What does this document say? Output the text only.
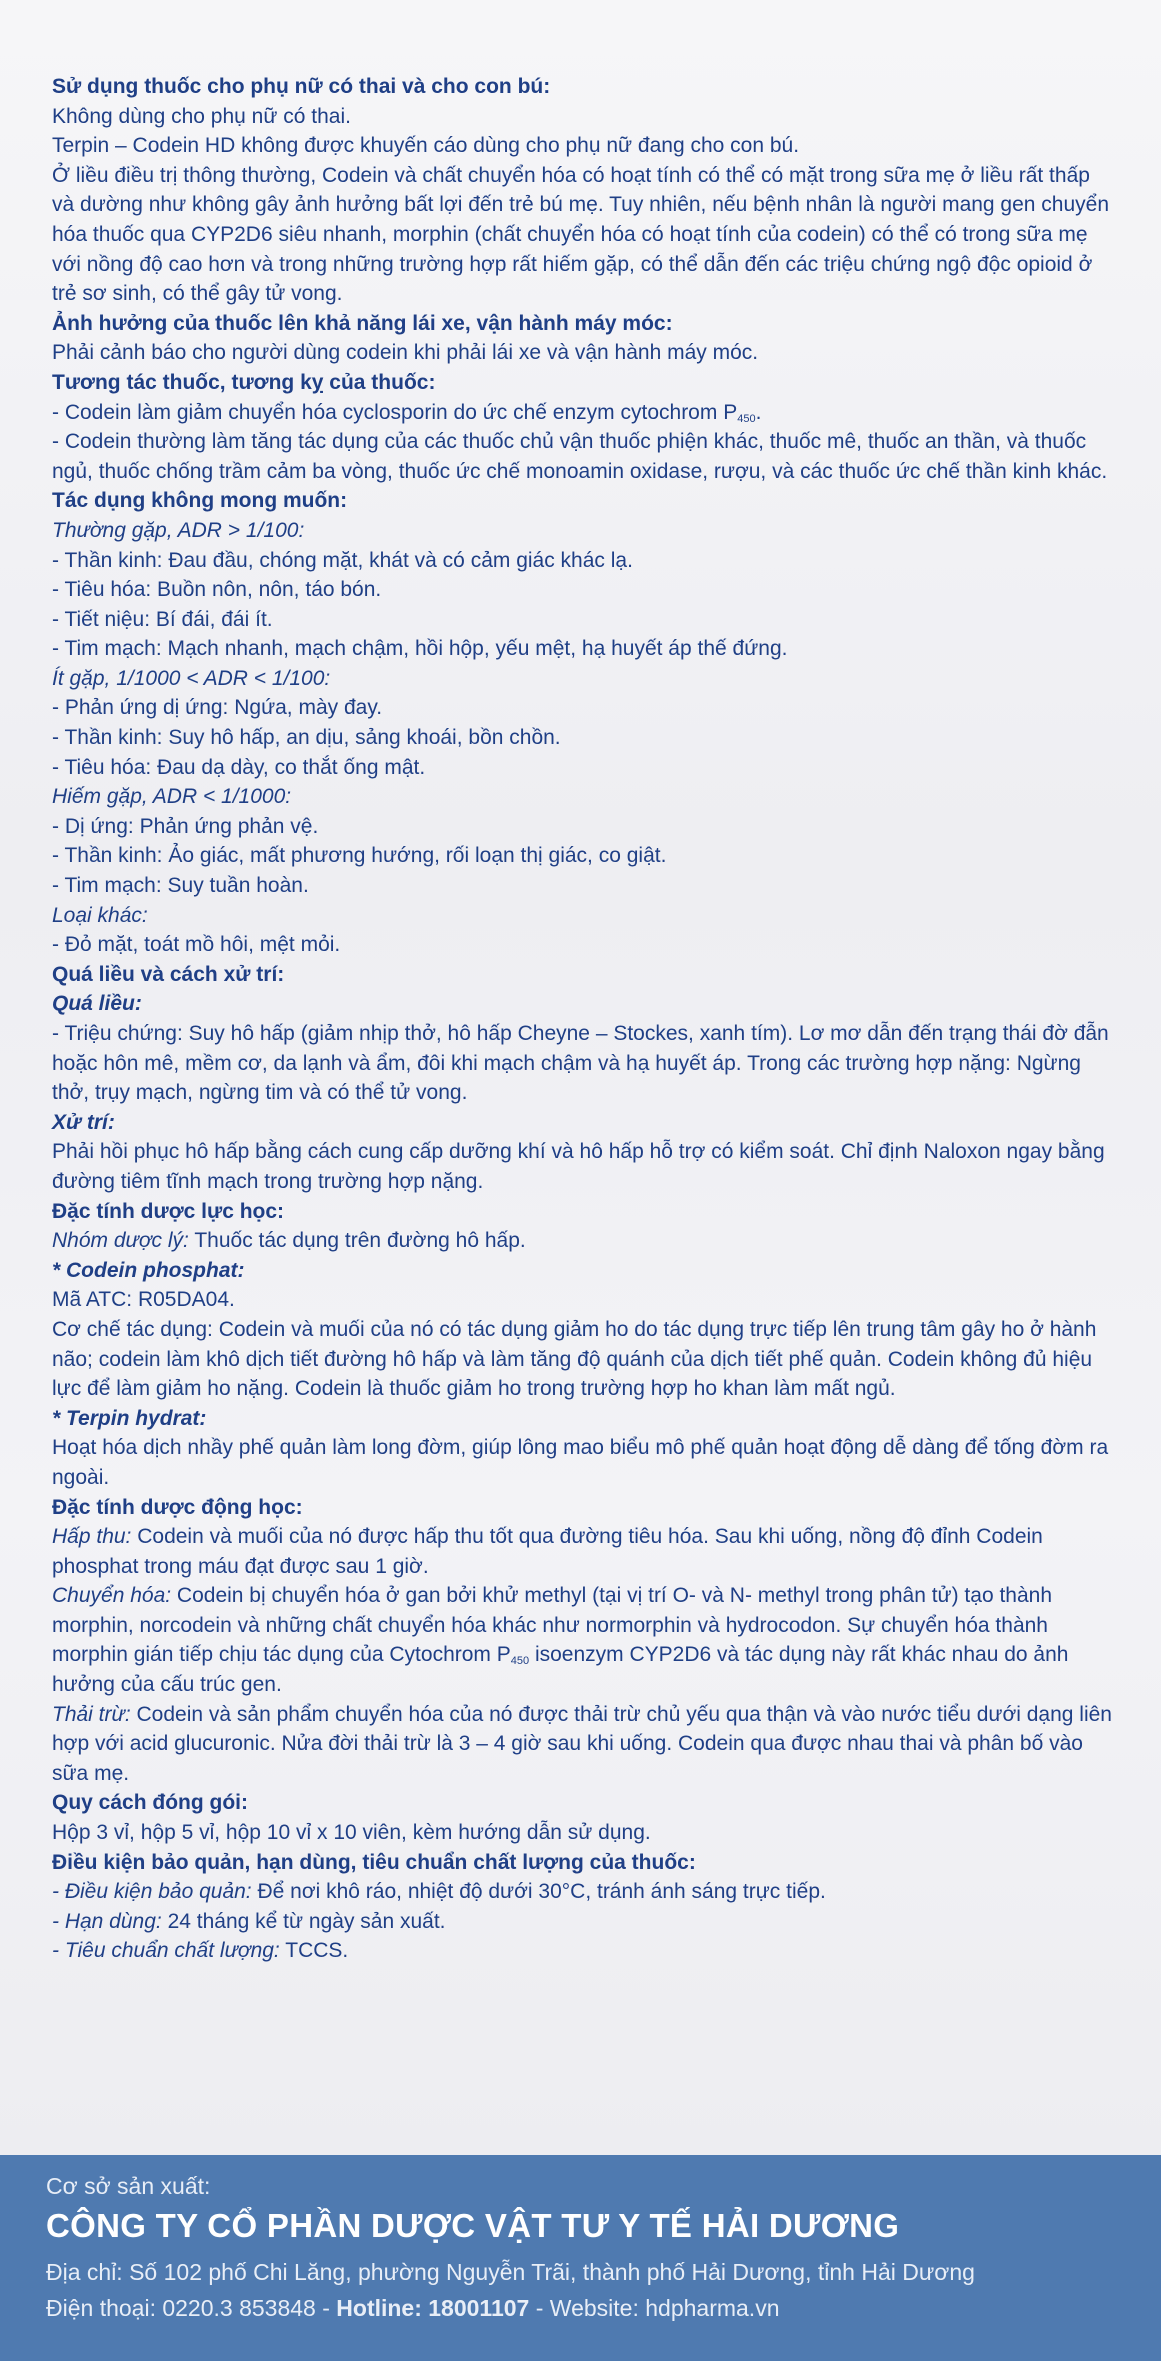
Sử dụng thuốc cho phụ nữ có thai và cho con bú:

Không dùng cho phụ nữ có thai.

Terpin – Codein HD không được khuyến cáo dùng cho phụ nữ đang cho con bú.

Ở liều điều trị thông thường, Codein và chất chuyển hóa có hoạt tính có thể có mặt trong sữa mẹ ở liều rất thấp và dường như không gây ảnh hưởng bất lợi đến trẻ bú mẹ. Tuy nhiên, nếu bệnh nhân là người mang gen chuyển hóa thuốc qua CYP2D6 siêu nhanh, morphin (chất chuyển hóa có hoạt tính của codein) có thể có trong sữa mẹ với nồng độ cao hơn và trong những trường hợp rất hiếm gặp, có thể dẫn đến các triệu chứng ngộ độc opioid ở trẻ sơ sinh, có thể gây tử vong.

Ảnh hưởng của thuốc lên khả năng lái xe, vận hành máy móc:

Phải cảnh báo cho người dùng codein khi phải lái xe và vận hành máy móc.

Tương tác thuốc, tương kỵ của thuốc:

- Codein làm giảm chuyển hóa cyclosporin do ức chế enzym cytochrom $P_{450}$.

- Codein thường làm tăng tác dụng của các thuốc chủ vận thuốc phiện khác, thuốc mê, thuốc an thần, và thuốc ngủ, thuốc chống trầm cảm ba vòng, thuốc ức chế monoamin oxidase, rượu, và các thuốc ức chế thần kinh khác.

Tác dụng không mong muốn:

Thường gặp, ADR > 1/100:

- Thần kinh: Đau đầu, chóng mặt, khát và có cảm giác khác lạ.

- Tiêu hóa: Buồn nôn, nôn, táo bón.

- Tiết niệu: Bí đái, đái ít.

- Tim mạch: Mạch nhanh, mạch chậm, hồi hộp, yếu mệt, hạ huyết áp thế đứng.

Ít gặp, 1/1000 < ADR < 1/100:

- Phản ứng dị ứng: Ngứa, mày đay.

- Thần kinh: Suy hô hấp, an dịu, sảng khoái, bồn chồn.

- Tiêu hóa: Đau dạ dày, co thắt ống mật.

Hiếm gặp, ADR < 1/1000:

- Dị ứng: Phản ứng phản vệ.

- Thần kinh: Ảo giác, mất phương hướng, rối loạn thị giác, co giật.

- Tim mạch: Suy tuần hoàn.

Loại khác:

- Đỏ mặt, toát mồ hôi, mệt mỏi.

Quá liều và cách xử trí:

Quá liều:

- Triệu chứng: Suy hô hấp (giảm nhịp thở, hô hấp Cheyne – Stockes, xanh tím). Lơ mơ dẫn đến trạng thái đờ đẫn hoặc hôn mê, mềm cơ, da lạnh và ẩm, đôi khi mạch chậm và hạ huyết áp. Trong các trường hợp nặng: Ngừng thở, trụy mạch, ngừng tim và có thể tử vong.

Xử trí:

Phải hồi phục hô hấp bằng cách cung cấp dưỡng khí và hô hấp hỗ trợ có kiểm soát. Chỉ định Naloxon ngay bằng đường tiêm tĩnh mạch trong trường hợp nặng.

Đặc tính dược lực học:

Nhóm dược lý: Thuốc tác dụng trên đường hô hấp.

* Codein phosphat:

Mã ATC: R05DA04.

Cơ chế tác dụng: Codein và muối của nó có tác dụng giảm ho do tác dụng trực tiếp lên trung tâm gây ho ở hành não; codein làm khô dịch tiết đường hô hấp và làm tăng độ quánh của dịch tiết phế quản. Codein không đủ hiệu lực để làm giảm ho nặng. Codein là thuốc giảm ho trong trường hợp ho khan làm mất ngủ.

* Terpin hydrat:

Hoạt hóa dịch nhầy phế quản làm long đờm, giúp lông mao biểu mô phế quản hoạt động dễ dàng để tống đờm ra ngoài.

Đặc tính dược động học:

Hấp thu: Codein và muối của nó được hấp thu tốt qua đường tiêu hóa. Sau khi uống, nồng độ đỉnh Codein phosphat trong máu đạt được sau 1 giờ.

Chuyển hóa: Codein bị chuyển hóa ở gan bởi khử methyl (tại vị trí O- và N- methyl trong phân tử) tạo thành morphin, norcodein và những chất chuyển hóa khác như normorphin và hydrocodon. Sự chuyển hóa thành morphin gián tiếp chịu tác dụng của Cytochrom $P_{450}$ isoenzym CYP2D6 và tác dụng này rất khác nhau do ảnh hưởng của cấu trúc gen.

Thải trừ: Codein và sản phẩm chuyển hóa của nó được thải trừ chủ yếu qua thận và vào nước tiểu dưới dạng liên hợp với acid glucuronic. Nửa đời thải trừ là 3 – 4 giờ sau khi uống. Codein qua được nhau thai và phân bố vào sữa mẹ.

Quy cách đóng gói:

Hộp 3 vỉ, hộp 5 vỉ, hộp 10 vỉ x 10 viên, kèm hướng dẫn sử dụng.

Điều kiện bảo quản, hạn dùng, tiêu chuẩn chất lượng của thuốc:

- Điều kiện bảo quản: Để nơi khô ráo, nhiệt độ dưới 30°C, tránh ánh sáng trực tiếp.

- Hạn dùng: 24 tháng kể từ ngày sản xuất.

- Tiêu chuẩn chất lượng: TCCS.

Cơ sở sản xuất:
CÔNG TY CỔ PHẦN DƯỢC VẬT TƯ Y TẾ HẢI DƯƠNG
Địa chỉ: Số 102 phố Chi Lăng, phường Nguyễn Trãi, thành phố Hải Dương, tỉnh Hải Dương
Điện thoại: 0220.3 853848 - Hotline: 18001107 - Website: hdpharma.vn
